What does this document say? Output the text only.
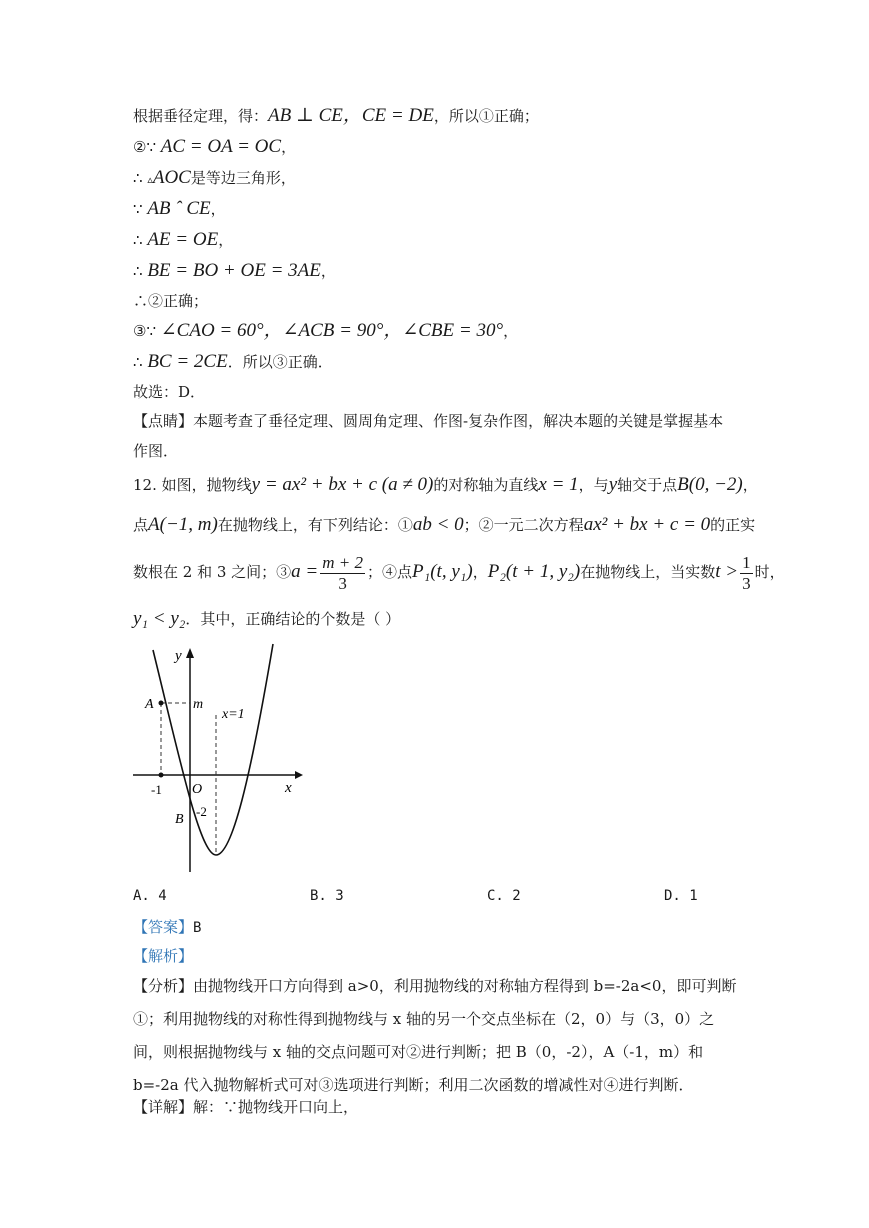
根据垂径定理，得：AB ⊥ CE，CE = DE，所以①正确；
②∵ AC = OA = OC，
∴ ▵AOC是等边三角形，
∵ AB ˆ CE，
∴ AE = OE，
∴ BE = BO + OE = 3AE，
∴②正确；
③∵ ∠CAO = 60°，∠ACB = 90°，∠CBE = 30°，
∴ BC = 2CE．所以③正确．
故选：D．
【点睛】本题考查了垂径定理、圆周角定理、作图-复杂作图，解决本题的关键是掌握基本
作图．
12. 如图，抛物线y = ax² + bx + c (a ≠ 0)的对称轴为直线x = 1，与y轴交于点B(0, −2)，
点A(−1, m)在抛物线上，有下列结论：①ab < 0；②一元二次方程ax² + bx + c = 0的正实
数根在 2 和 3 之间；③a = $\frac{m + 2}{3}$ ；④点P₁(t, y₁)，P₂(t + 1, y₂)在抛物线上，当实数$t > \frac{1}{3}$ 时，
y₁ < y₂．其中，正确结论的个数是（ ）
y
x
A	m
x=1
O
-1
B
-2
A. 4	B. 3	C. 2	D. 1
【答案】B
【解析】
【分析】由抛物线开口方向得到 a>0，利用抛物线的对称轴方程得到 b=-2a<0，即可判断①；利用抛物线的对称性得到抛物线与 x 轴的另一个交点坐标在（2，0）与（3，0）之间，则根据抛物线与 x 轴的交点问题可对②进行判断；把 B（0，-2），A（-1，m）和 b=-2a 代入抛物解析式可对③选项进行判断；利用二次函数的增减性对④进行判断．
【详解】解：∵抛物线开口向上，
